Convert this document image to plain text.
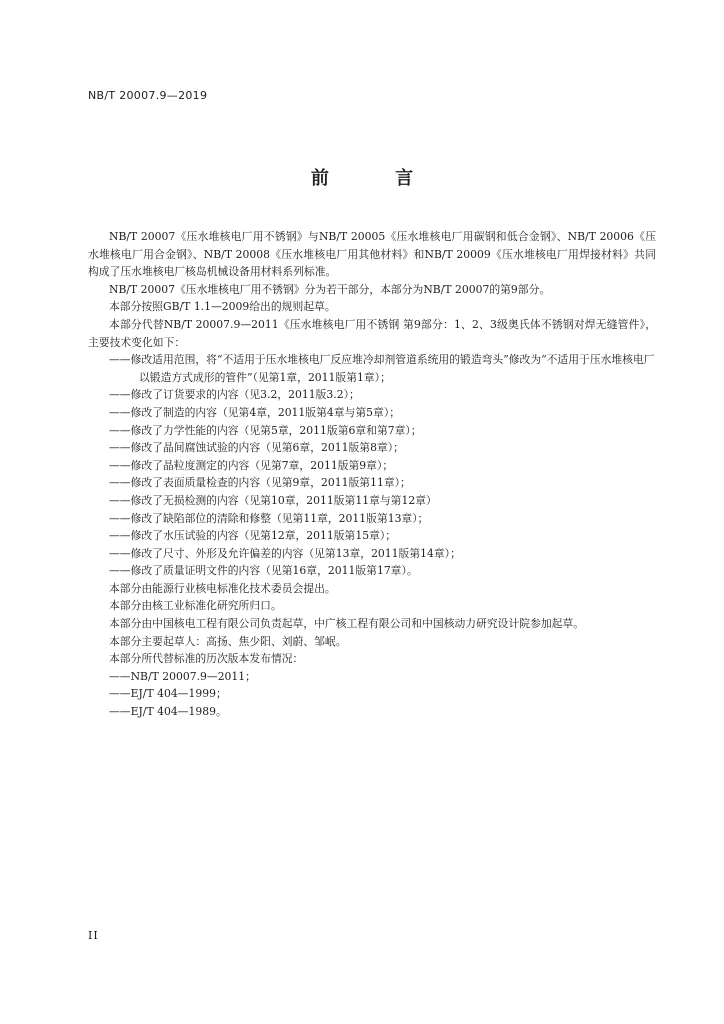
NB/T 20007.9—2019
前 言

NB/T 20007《压水堆核电厂用不锈钢》与NB/T 20005《压水堆核电厂用碳钢和低合金钢》、NB/T 20006《压水堆核电厂用合金钢》、NB/T 20008《压水堆核电厂用其他材料》和NB/T 20009《压水堆核电厂用焊接材料》共同构成了压水堆核电厂核岛机械设备用材料系列标准。

NB/T 20007《压水堆核电厂用不锈钢》分为若干部分，本部分为NB/T 20007的第9部分。

本部分按照GB/T 1.1—2009给出的规则起草。

本部分代替NB/T 20007.9—2011《压水堆核电厂用不锈钢 第9部分：1、2、3级奥氏体不锈钢对焊无缝管件》，主要技术变化如下：

——修改适用范围，将“不适用于压水堆核电厂反应堆冷却剂管道系统用的锻造弯头”修改为“不适用于压水堆核电厂以锻造方式成形的管件”（见第1章，2011版第1章）；

——修改了订货要求的内容（见3.2，2011版3.2）；

——修改了制造的内容（见第4章，2011版第4章与第5章）；

——修改了力学性能的内容（见第5章，2011版第6章和第7章）；

——修改了晶间腐蚀试验的内容（见第6章，2011版第8章）；

——修改了晶粒度测定的内容（见第7章，2011版第9章）；

——修改了表面质量检查的内容（见第9章，2011版第11章）；

——修改了无损检测的内容（见第10章，2011版第11章与第12章）

——修改了缺陷部位的清除和修整（见第11章，2011版第13章）；

——修改了水压试验的内容（见第12章，2011版第15章）；

——修改了尺寸、外形及允许偏差的内容（见第13章，2011版第14章）；

——修改了质量证明文件的内容（见第16章，2011版第17章）。

本部分由能源行业核电标准化技术委员会提出。

本部分由核工业标准化研究所归口。

本部分由中国核电工程有限公司负责起草，中广核工程有限公司和中国核动力研究设计院参加起草。

本部分主要起草人：高扬、焦少阳、刘蔚、邹岷。

本部分所代替标准的历次版本发布情况：

——NB/T 20007.9—2011；

——EJ/T 404—1999；

——EJ/T 404—1989。

II
